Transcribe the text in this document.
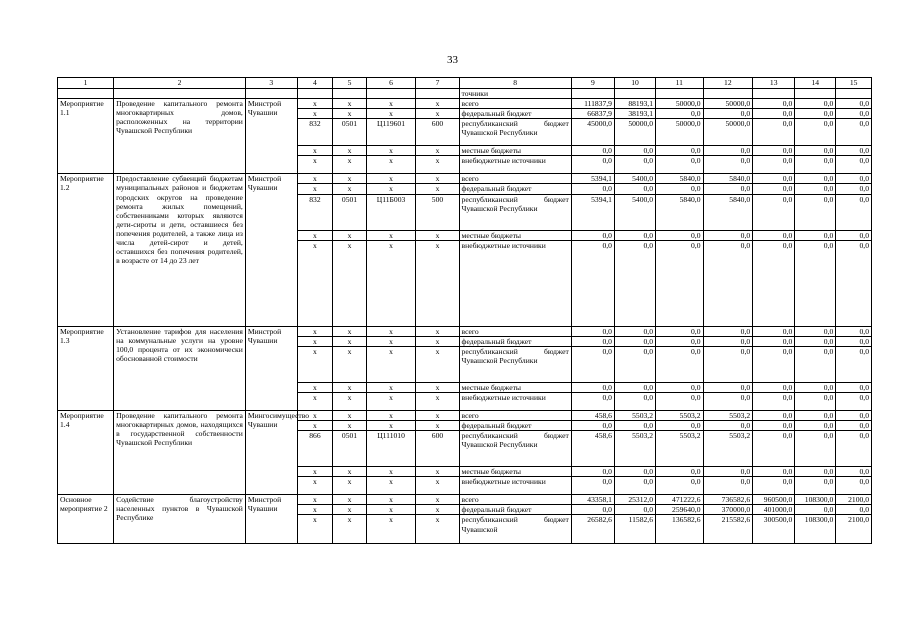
33
1	2	3	4	5	6	7	8	9	10	11	12	13	14	15
							точники							
Мероприятие 1.1	Проведение капитального ремонта многоквартирных домов, расположенных на территории Чувашской Республики	Минстрой Чувашии	x	x	x	x	всего	111837,9	88193,1	50000,0	50000,0	0,0	0,0	0,0
			x	x	x	x	федеральный бюджет	66837,9	38193,1	0,0	0,0	0,0	0,0	0,0
			832	0501	Ц119601	600	республиканский бюджет Чувашской Республики	45000,0	50000,0	50000,0	50000,0	0,0	0,0	0,0
			x	x	x	x	местные бюджеты	0,0	0,0	0,0	0,0	0,0	0,0	0,0
			x	x	x	x	внебюджетные источники	0,0	0,0	0,0	0,0	0,0	0,0	0,0
Мероприятие 1.2	Предоставление субвенций бюджетам муниципальных районов и бюджетам городских округов на проведение ремонта жилых помещений, собственниками которых являются дети-сироты и дети, оставшиеся без попечения родителей, а также лица из числа детей-сирот и детей, оставшихся без попечения родителей, в возрасте от 14 до 23 лет	Минстрой Чувашии	x	x	x	x	всего	5394,1	5400,0	5840,0	5840,0	0,0	0,0	0,0
			x	x	x	x	федеральный бюджет	0,0	0,0	0,0	0,0	0,0	0,0	0,0
			832	0501	Ц11Б003	500	республиканский бюджет Чувашской Республики	5394,1	5400,0	5840,0	5840,0	0,0	0,0	0,0
			x	x	x	x	местные бюджеты	0,0	0,0	0,0	0,0	0,0	0,0	0,0
			x	x	x	x	внебюджетные источники	0,0	0,0	0,0	0,0	0,0	0,0	0,0
Мероприятие 1.3	Установление тарифов для населения на коммунальные услуги на уровне 100,0 процента от их экономически обоснованной стоимости	Минстрой Чувашии	x	x	x	x	всего	0,0	0,0	0,0	0,0	0,0	0,0	0,0
			x	x	x	x	федеральный бюджет	0,0	0,0	0,0	0,0	0,0	0,0	0,0
			x	x	x	x	республиканский бюджет Чувашской Республики	0,0	0,0	0,0	0,0	0,0	0,0	0,0
			x	x	x	x	местные бюджеты	0,0	0,0	0,0	0,0	0,0	0,0	0,0
			x	x	x	x	внебюджетные источники	0,0	0,0	0,0	0,0	0,0	0,0	0,0
Мероприятие 1.4	Проведение капитального ремонта многоквартирных домов, находящихся в государственной собственности Чувашской Республики	Мингосимущество Чувашии	x	x	x	x	всего	458,6	5503,2	5503,2	5503,2	0,0	0,0	0,0
			x	x	x	x	федеральный бюджет	0,0	0,0	0,0	0,0	0,0	0,0	0,0
			866	0501	Ц111010	600	республиканский бюджет Чувашской Республики	458,6	5503,2	5503,2	5503,2	0,0	0,0	0,0
			x	x	x	x	местные бюджеты	0,0	0,0	0,0	0,0	0,0	0,0	0,0
			x	x	x	x	внебюджетные источники	0,0	0,0	0,0	0,0	0,0	0,0	0,0
Основное мероприятие 2	Содействие благоустройству населенных пунктов в Чувашской Республике	Минстрой Чувашии	x	x	x	x	всего	43358,1	25312,0	471222,6	736582,6	960500,0	108300,0	2100,0
			x	x	x	x	федеральный бюджет	0,0	0,0	259640,0	370000,0	401000,0	0,0	0,0
			x	x	x	x	республиканский бюджет Чувашской	26582,6	11582,6	136582,6	215582,6	300500,0	108300,0	2100,0
